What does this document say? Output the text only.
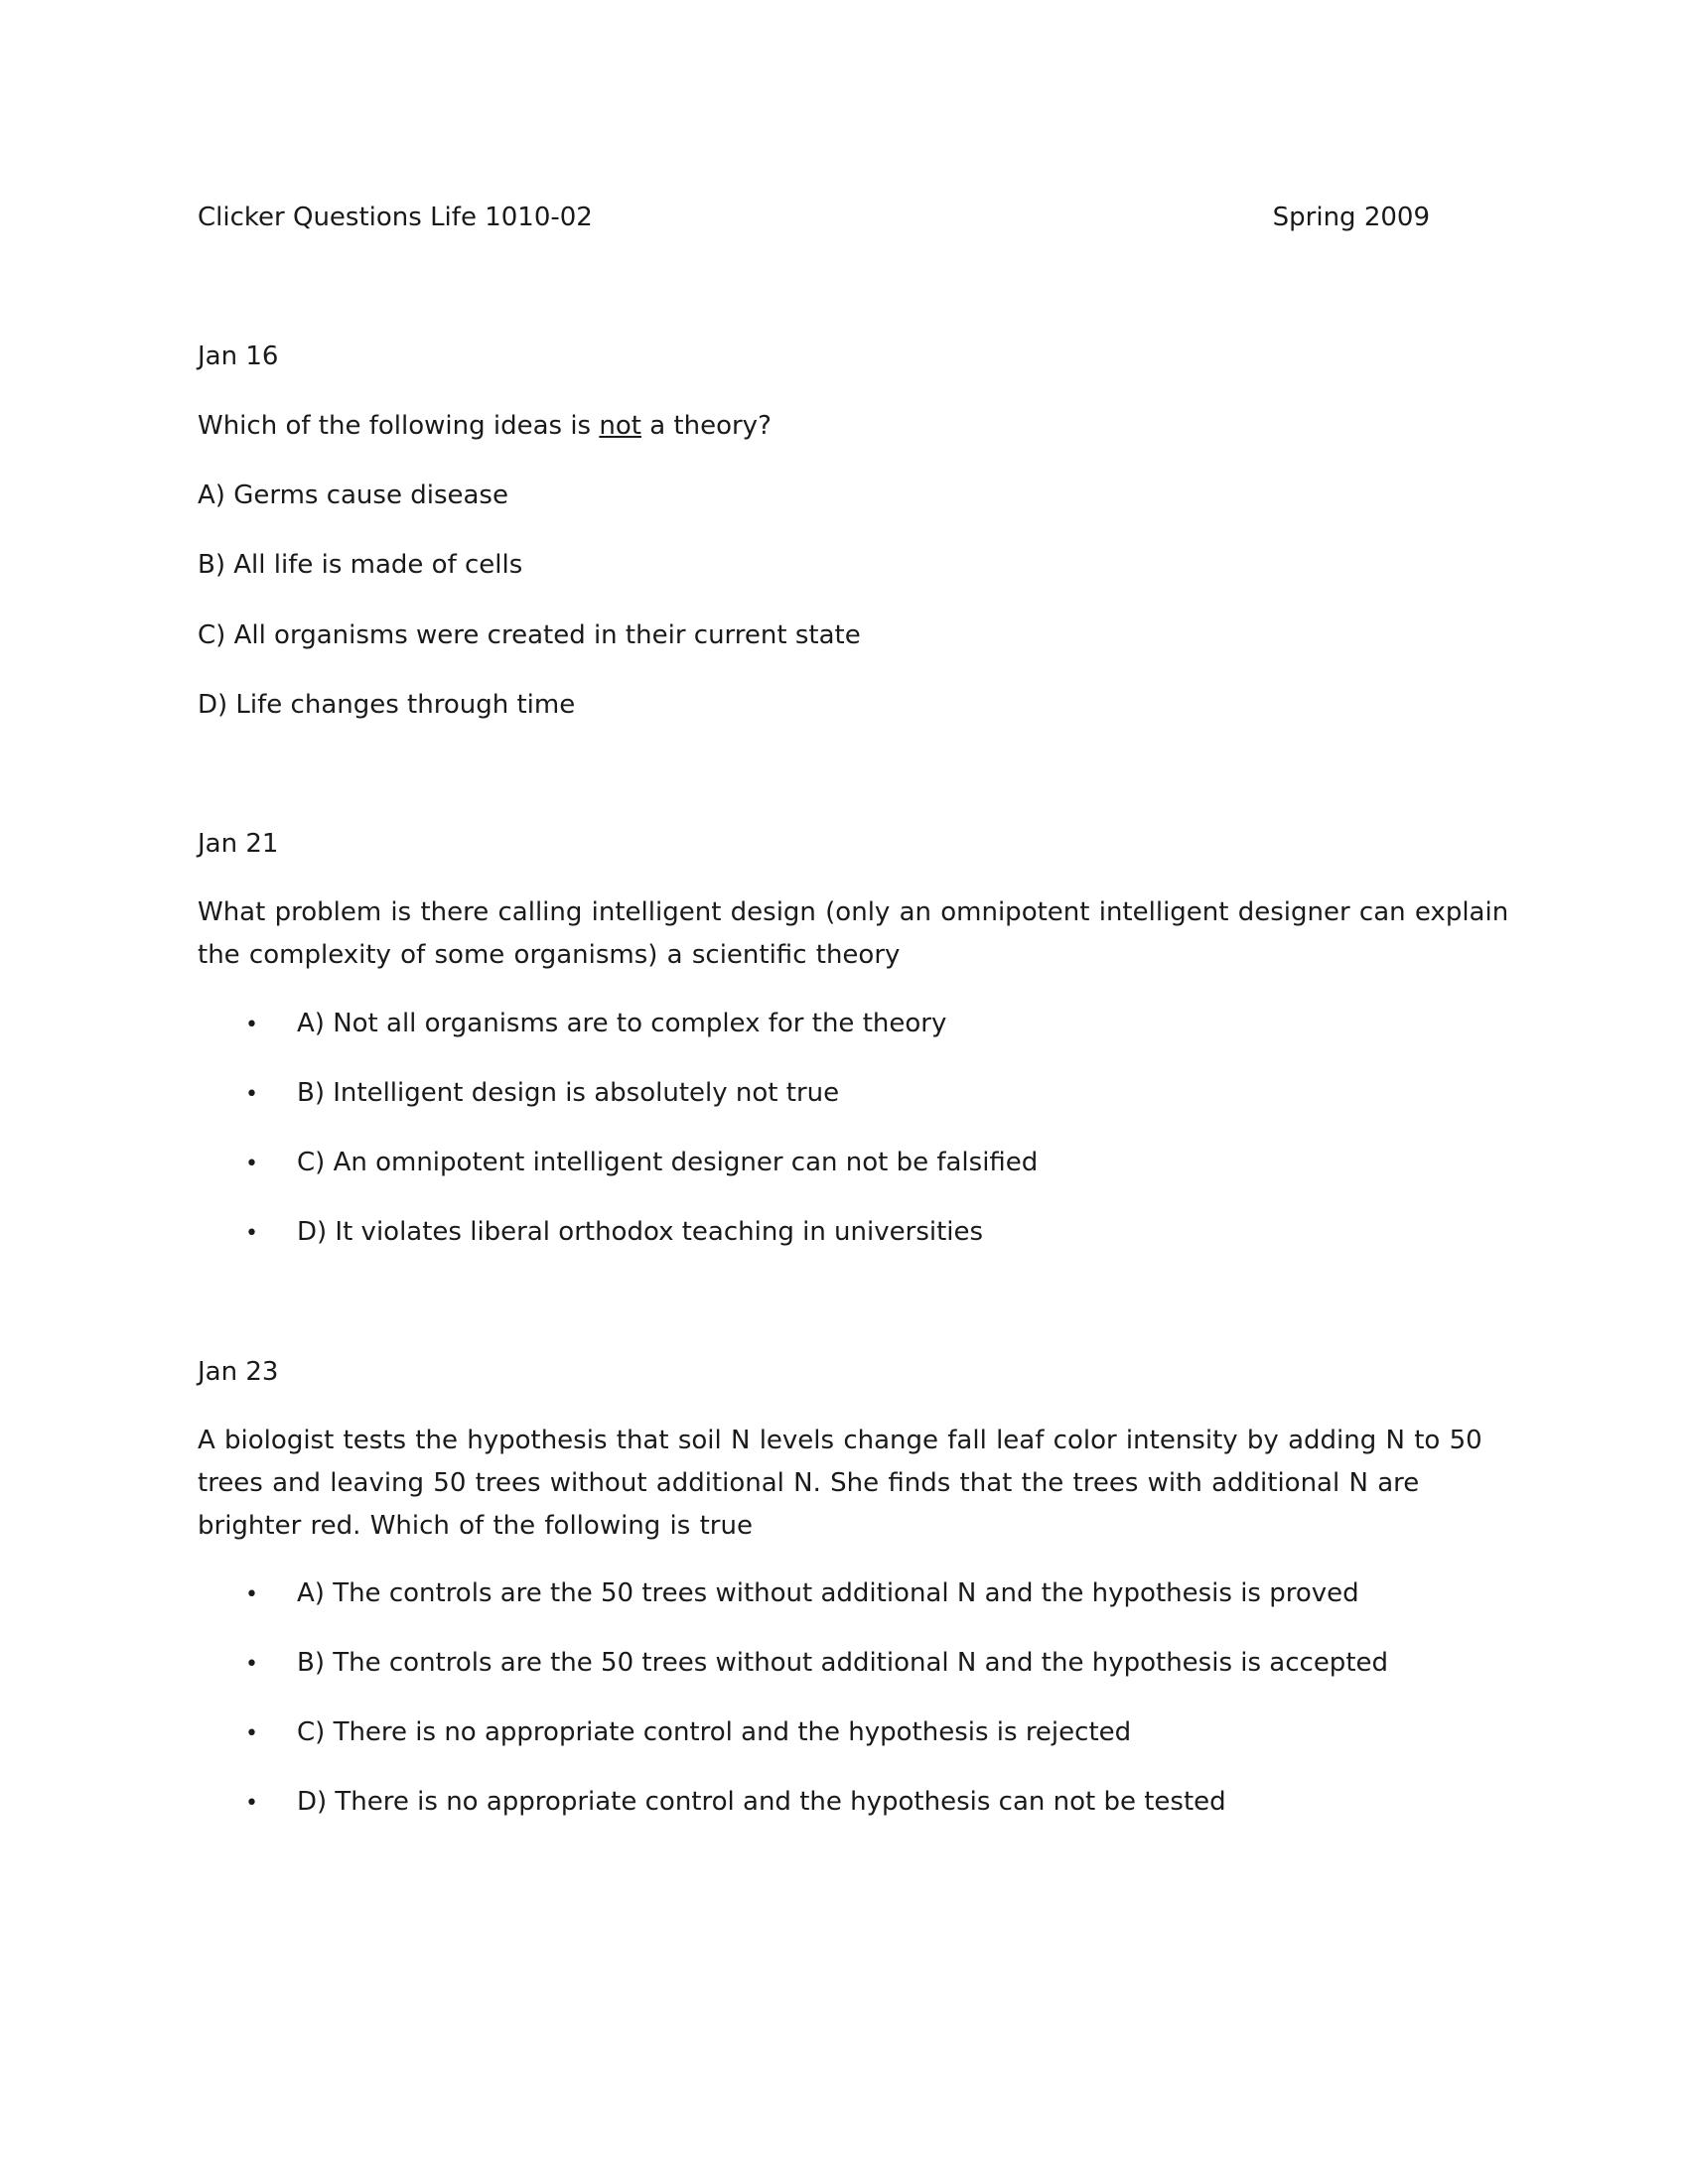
Clicker Questions Life 1010-02	Spring 2009
Jan 16
Which of the following ideas is not a theory?
A) Germs cause disease
B) All life is made of cells
C) All organisms were created in their current state
D) Life changes through time
Jan 21
What problem is there calling intelligent design (only an omnipotent intelligent designer can explain the complexity of some organisms) a scientific theory
• A) Not all organisms are to complex for the theory
• B) Intelligent design is absolutely not true
• C) An omnipotent intelligent designer can not be falsified
• D) It violates liberal orthodox teaching in universities
Jan 23
A biologist tests the hypothesis that soil N levels change fall leaf color intensity by adding N to 50 trees and leaving 50 trees without additional N. She finds that the trees with additional N are brighter red. Which of the following is true
• A) The controls are the 50 trees without additional N and the hypothesis is proved
• B) The controls are the 50 trees without additional N and the hypothesis is accepted
• C) There is no appropriate control and the hypothesis is rejected
• D) There is no appropriate control and the hypothesis can not be tested
